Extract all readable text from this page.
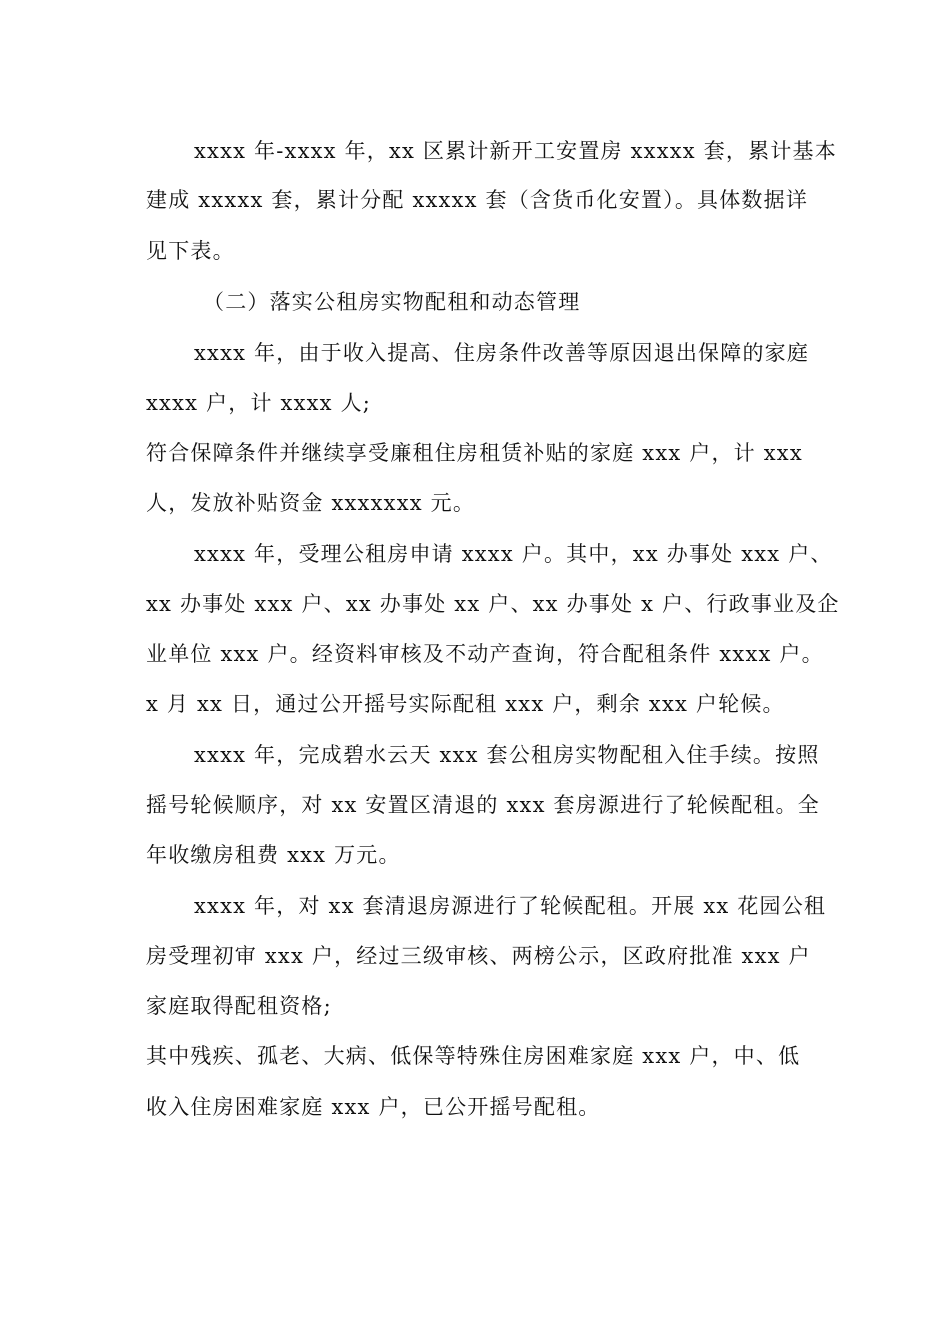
xxxx 年-xxxx 年，xx 区累计新开工安置房 xxxxx 套，累计基本
建成 xxxxx 套，累计分配 xxxxx 套（含货币化安置）。具体数据详
见下表。
（二）落实公租房实物配租和动态管理
xxxx 年，由于收入提高、住房条件改善等原因退出保障的家庭
xxxx 户，计 xxxx 人;
符合保障条件并继续享受廉租住房租赁补贴的家庭 xxx 户，计 xxx
人，发放补贴资金 xxxxxxx 元。
xxxx 年，受理公租房申请 xxxx 户。其中，xx 办事处 xxx 户、
xx 办事处 xxx 户、xx 办事处 xx 户、xx 办事处 x 户、行政事业及企
业单位 xxx 户。经资料审核及不动产查询，符合配租条件 xxxx 户。
x 月 xx 日，通过公开摇号实际配租 xxx 户，剩余 xxx 户轮候。
xxxx 年，完成碧水云天 xxx 套公租房实物配租入住手续。按照
摇号轮候顺序，对 xx 安置区清退的 xxx 套房源进行了轮候配租。全
年收缴房租费 xxx 万元。
xxxx 年，对 xx 套清退房源进行了轮候配租。开展 xx 花园公租
房受理初审 xxx 户，经过三级审核、两榜公示，区政府批准 xxx 户
家庭取得配租资格;
其中残疾、孤老、大病、低保等特殊住房困难家庭 xxx 户，中、低
收入住房困难家庭 xxx 户，已公开摇号配租。
